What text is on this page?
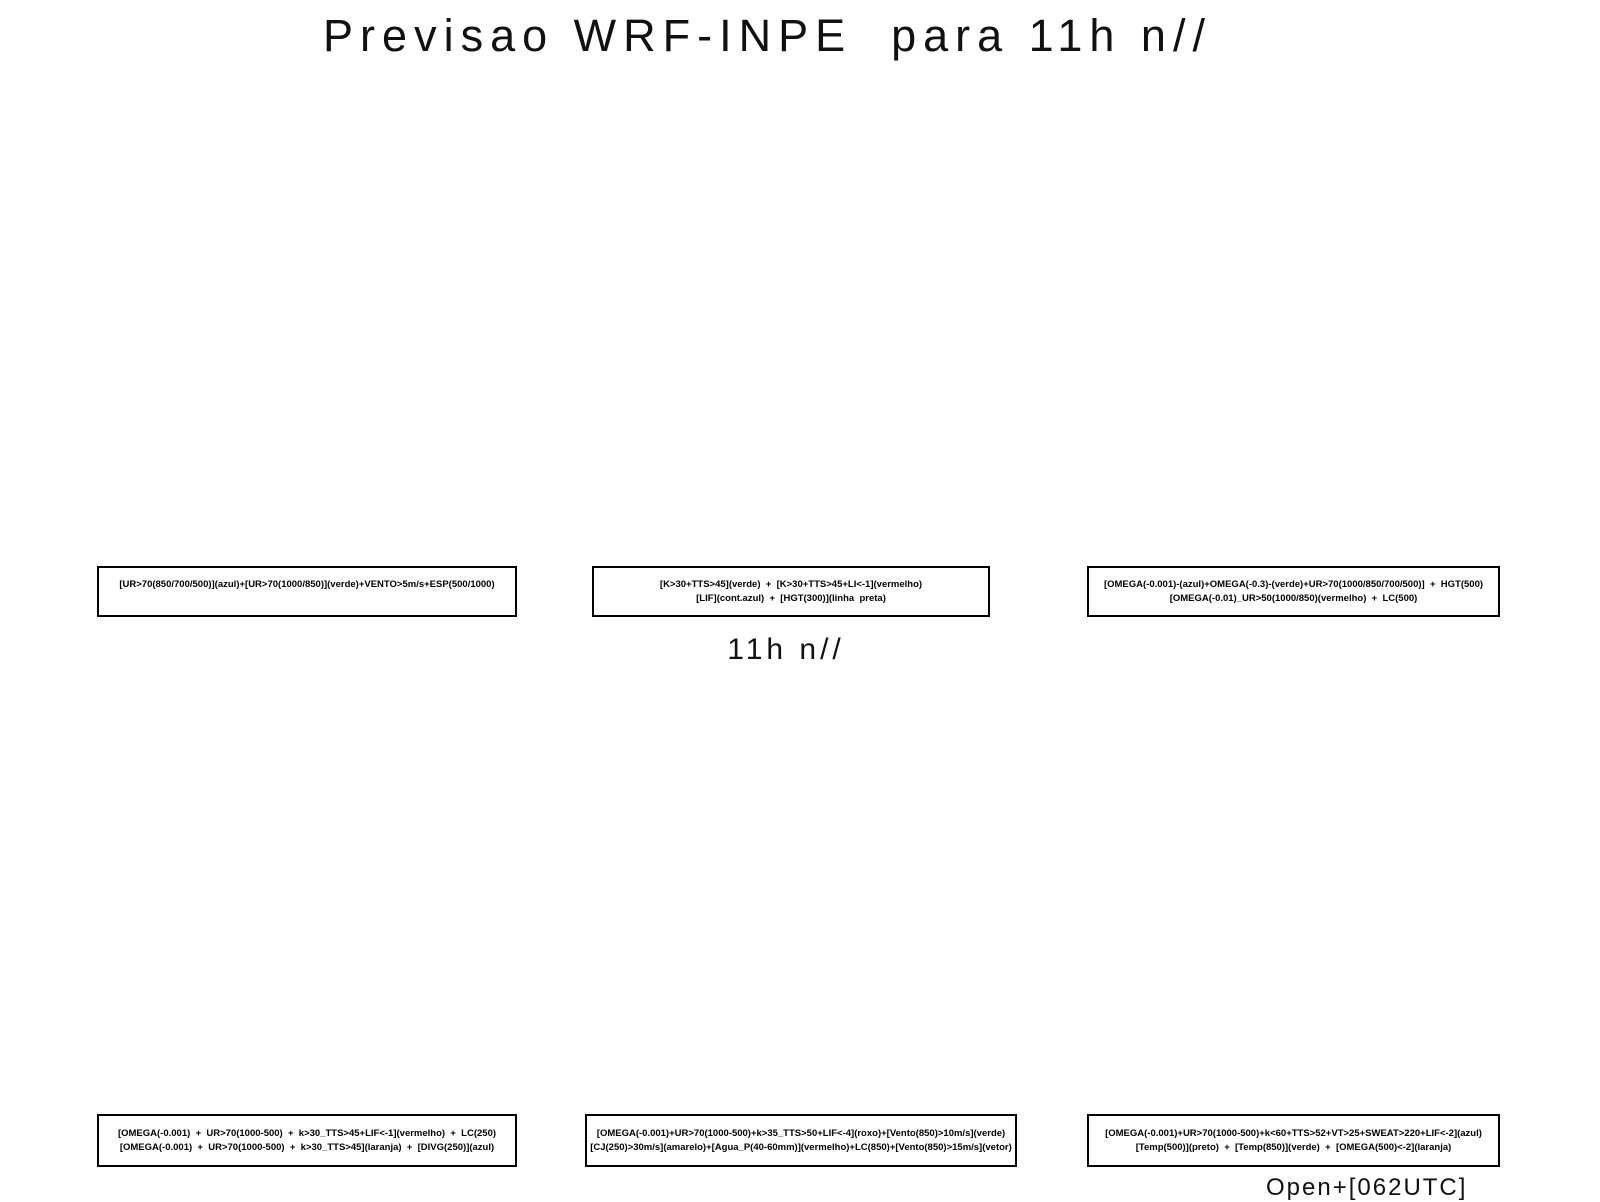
Previsao WRF-INPE  para 11h n//
[UR>70(850/700/500)](azul)+[UR>70(1000/850)](verde)+VENTO>5m/s+ESP(500/1000)	[K>30+TTS>45](verde)  +  [K>30+TTS>45+LI<-1](vermelho)
[LIF](cont.azul)  +  [HGT(300)](linha  preta)
[OMEGA(-0.001)-(azul)+OMEGA(-0.3)-(verde)+UR>70(1000/850/700/500)]  +  HGT(500)
[OMEGA(-0.01)_UR>50(1000/850)(vermelho)  +  LC(500)
11h n//
[OMEGA(-0.001)  +  UR>70(1000-500)  +  k>30_TTS>45+LIF<-1](vermelho)  +  LC(250)
[OMEGA(-0.001)  +  UR>70(1000-500)  +  k>30_TTS>45](laranja)  +  [DIVG(250)](azul)
[OMEGA(-0.001)+UR>70(1000-500)+k>35_TTS>50+LIF<-4](roxo)+[Vento(850)>10m/s](verde)
[CJ(250)>30m/s](amarelo)+[Agua_P(40-60mm)](vermelho)+LC(850)+[Vento(850)>15m/s](vetor)
[OMEGA(-0.001)+UR>70(1000-500)+k<60+TTS>52+VT>25+SWEAT>220+LIF<-2](azul)
[Temp(500)](preto)  +  [Temp(850)](verde)  +  [OMEGA(500)<-2](laranja)
Open+[062UTC]
